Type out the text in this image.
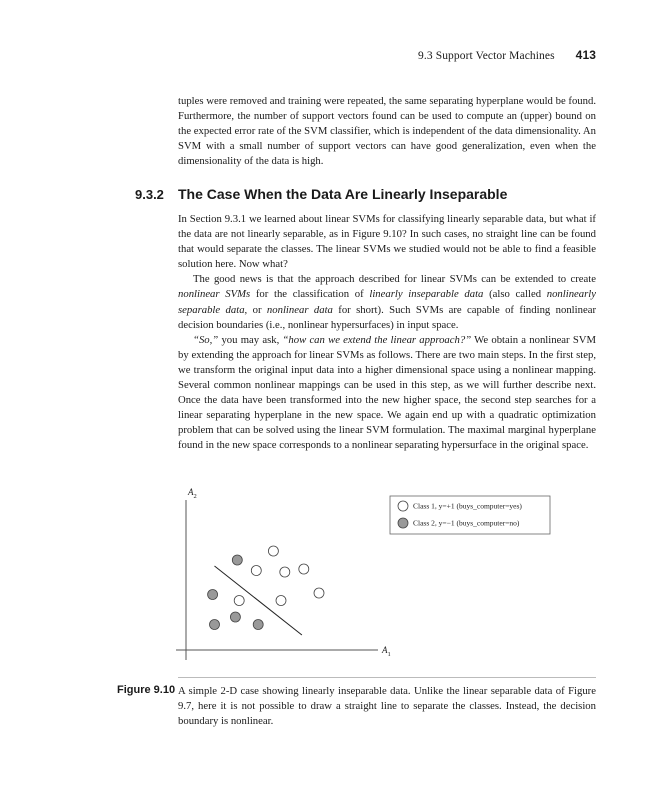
9.3 Support Vector Machines 413

tuples were removed and training were repeated, the same separating hyperplane would be found. Furthermore, the number of support vectors found can be used to compute an (upper) bound on the expected error rate of the SVM classifier, which is independent of the data dimensionality. An SVM with a small number of support vectors can have good generalization, even when the dimensionality of the data is high.

9.3.2 The Case When the Data Are Linearly Inseparable

In Section 9.3.1 we learned about linear SVMs for classifying linearly separable data, but what if the data are not linearly separable, as in Figure 9.10? In such cases, no straight line can be found that would separate the classes. The linear SVMs we studied would not be able to find a feasible solution here. Now what?

The good news is that the approach described for linear SVMs can be extended to create nonlinear SVMs for the classification of linearly inseparable data (also called nonlinearly separable data, or nonlinear data for short). Such SVMs are capable of finding nonlinear decision boundaries (i.e., nonlinear hypersurfaces) in input space.

“So,” you may ask, “how can we extend the linear approach?” We obtain a nonlinear SVM by extending the approach for linear SVMs as follows. There are two main steps. In the first step, we transform the original input data into a higher dimensional space using a nonlinear mapping. Several common nonlinear mappings can be used in this step, as we will further describe next. Once the data have been transformed into the new higher space, the second step searches for a linear separating hyperplane in the new space. We again end up with a quadratic optimization problem that can be solved using the linear SVM formulation. The maximal marginal hyperplane found in the new space corresponds to a nonlinear separating hypersurface in the original space.

$A_2$
$A_1$
Class 1, y=+1 (buys_computer=yes)
Class 2, y=−1 (buys_computer=no)
Figure 9.10 A simple 2-D case showing linearly inseparable data. Unlike the linear separable data of Figure 9.7, here it is not possible to draw a straight line to separate the classes. Instead, the decision boundary is nonlinear.
